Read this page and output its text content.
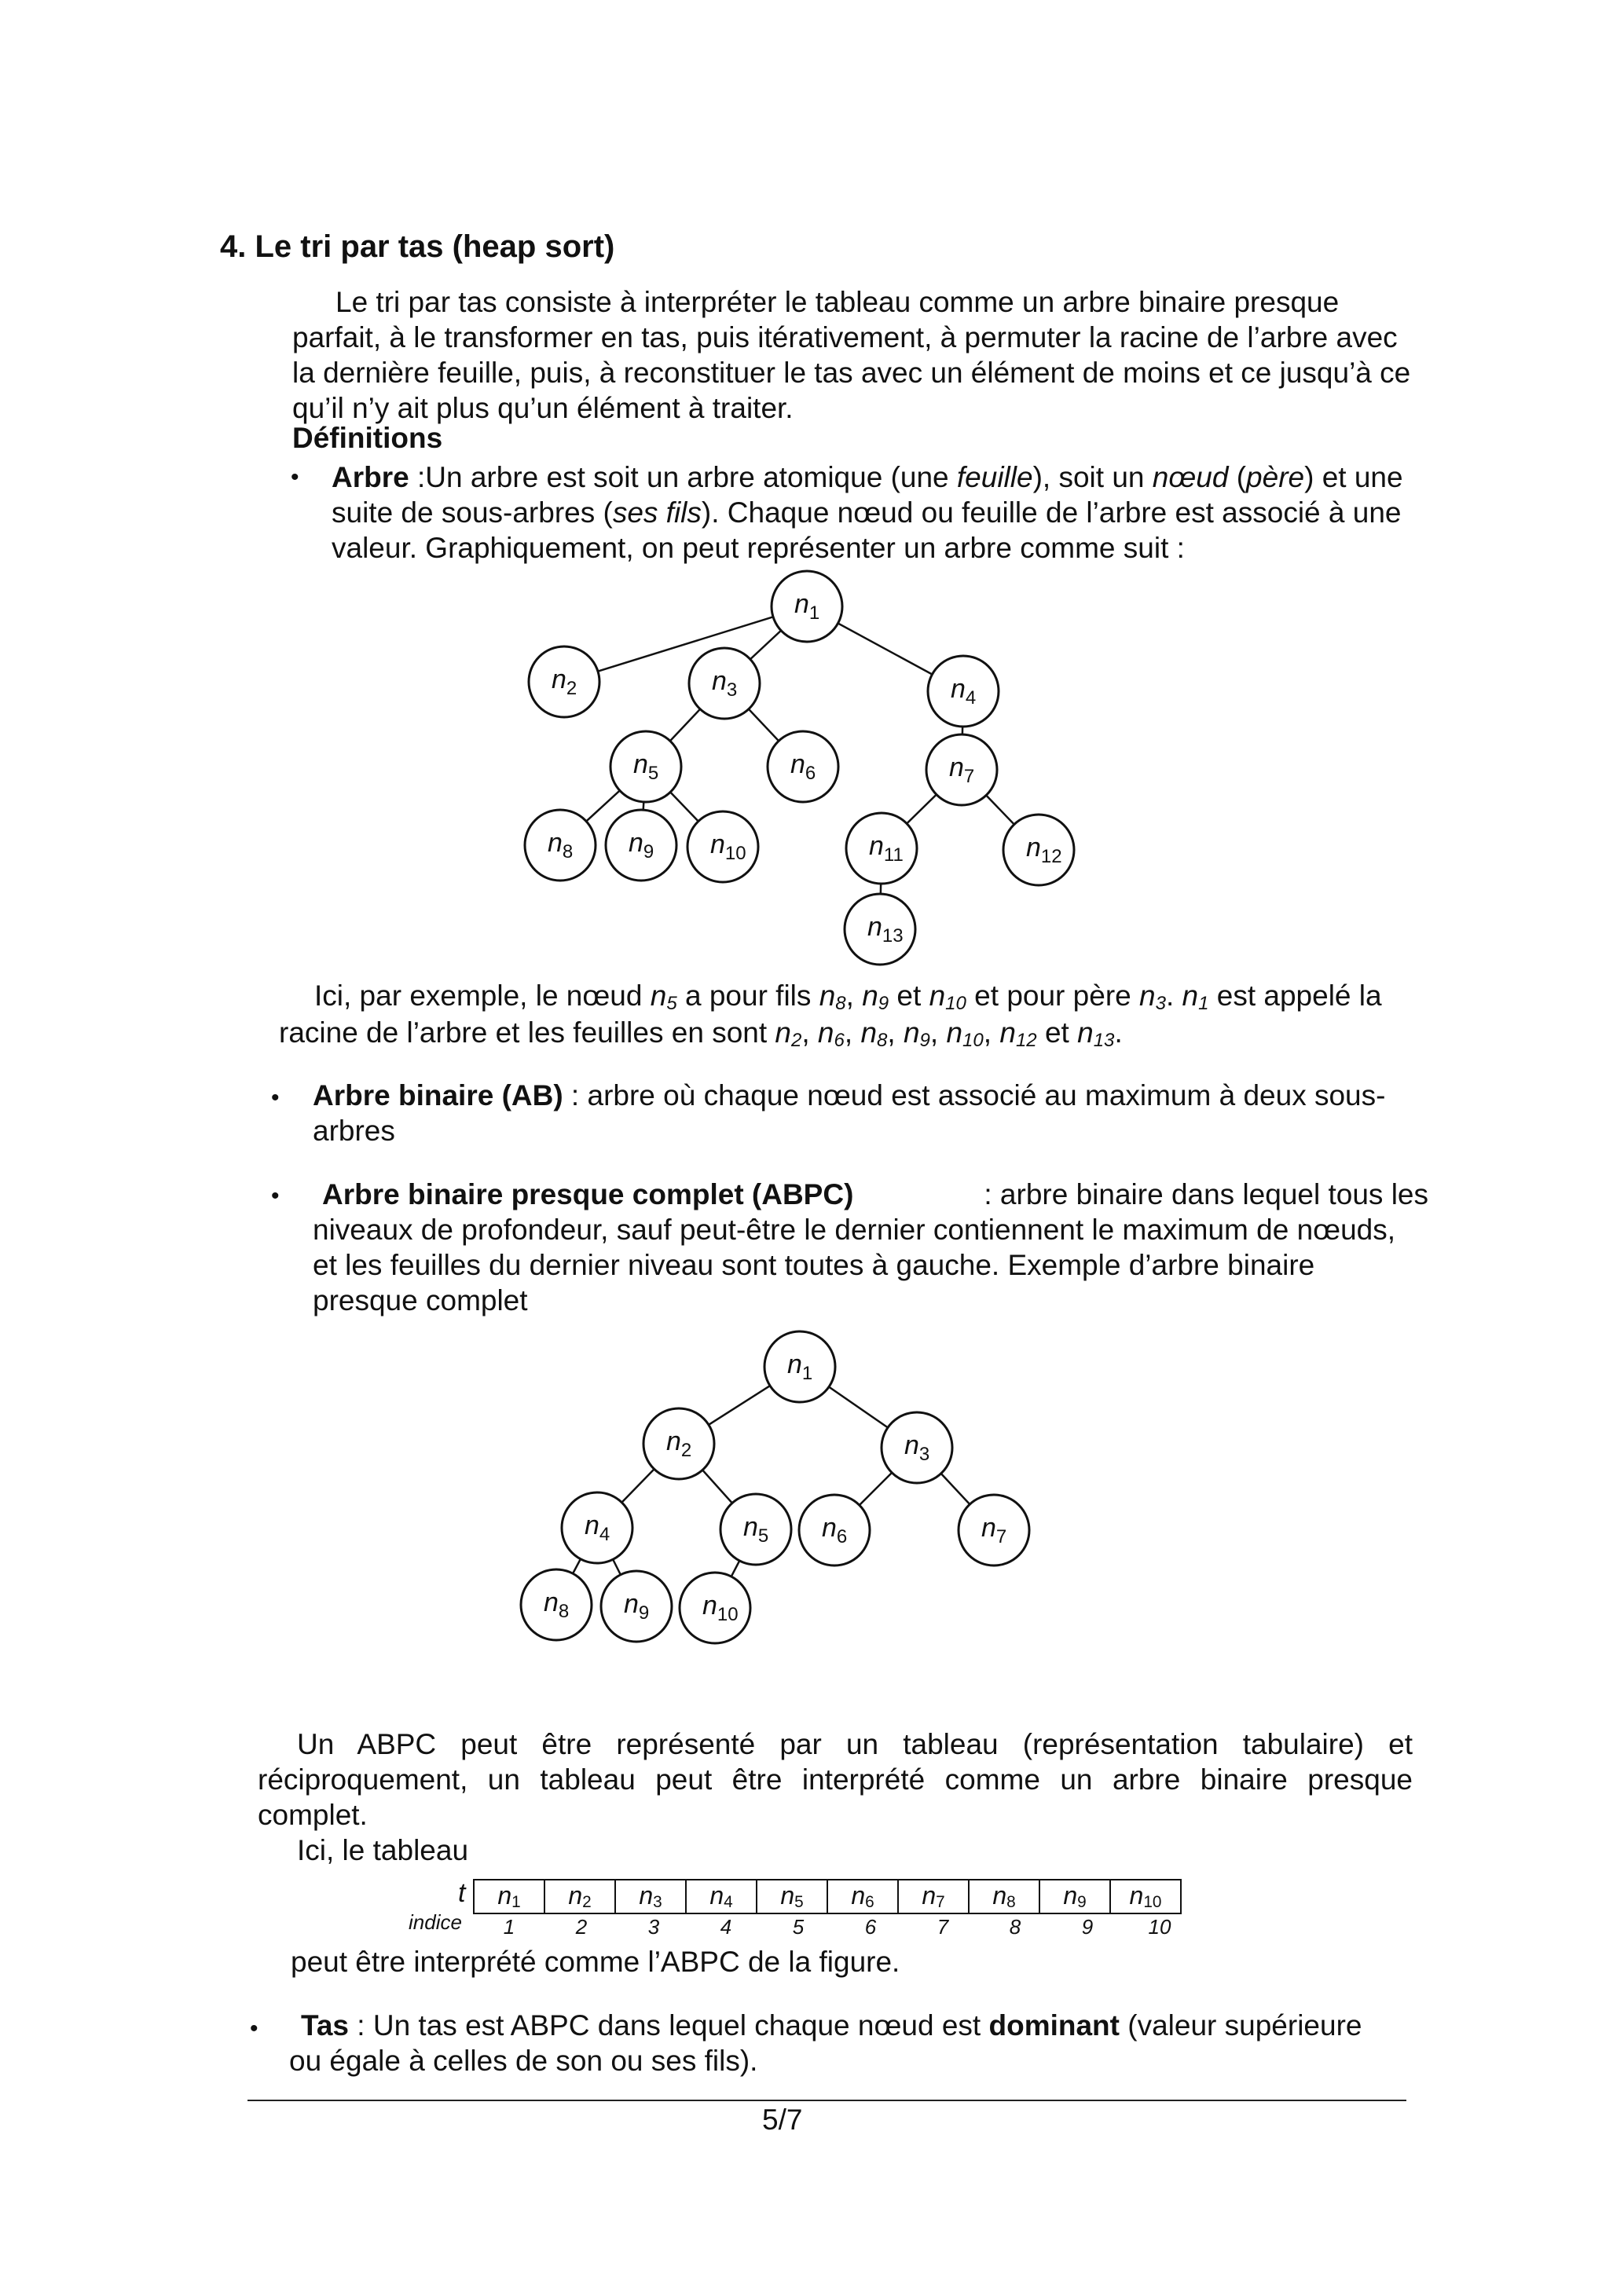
4. Le tri par tas (heap sort)
Le tri par tas consiste à interpréter le tableau comme un arbre binaire presque
parfait, à le transformer en tas, puis itérativement, à permuter la racine de l’arbre avec
la dernière feuille, puis, à reconstituer le tas avec un élément de moins et ce jusqu’à ce
qu’il n’y ait plus qu’un élément à traiter.
Définitions
• Arbre :Un arbre est soit un arbre atomique (une feuille), soit un nœud (père) et une
suite de sous-arbres (ses fils). Chaque nœud ou feuille de l’arbre est associé à une
valeur. Graphiquement, on peut représenter un arbre comme suit :
$n_1$
$n_2$	$n_3$	$n_4$
$n_5$	$n_6$	$n_7$
$n_8$ $n_9$ $n_{10}$	$n_{11}$	$n_{12}$
$n_{13}$
Ici, par exemple, le nœud n5 a pour fils n8, n9 et n10 et pour père n3. n1 est appelé la
racine de l’arbre et les feuilles en sont n2, n6, n8, n9, n10, n12 et n13.
• Arbre binaire (AB) : arbre où chaque nœud est associé au maximum à deux sous-
arbres
• Arbre binaire presque complet (ABPC)	: arbre binaire dans lequel tous les
niveaux de profondeur, sauf peut-être le dernier contiennent le maximum de nœuds,
et les feuilles du dernier niveau sont toutes à gauche. Exemple d’arbre binaire
presque complet
$n_1$
$n_2$	$n_3$
$n_4$	$n_5$ $n_6$	$n_7$
$n_8$ $n_9$ $n_{10}$
Un ABPC peut être représenté par un tableau (représentation tabulaire) et
réciproquement, un tableau peut être interprété comme un arbre binaire presque
complet.
Ici, le tableau
t $n_1$	$n_2$	$n_3$	$n_4$	$n_5$	$n_6$	$n_7$	$n_8$	$n_9$	$n_{10}$
indice	1	2	3	4	5	6	7	8	9	10
peut être interprété comme l’ABPC de la figure.
• Tas : Un tas est ABPC dans lequel chaque nœud est dominant (valeur supérieure
ou égale à celles de son ou ses fils).
5/7
